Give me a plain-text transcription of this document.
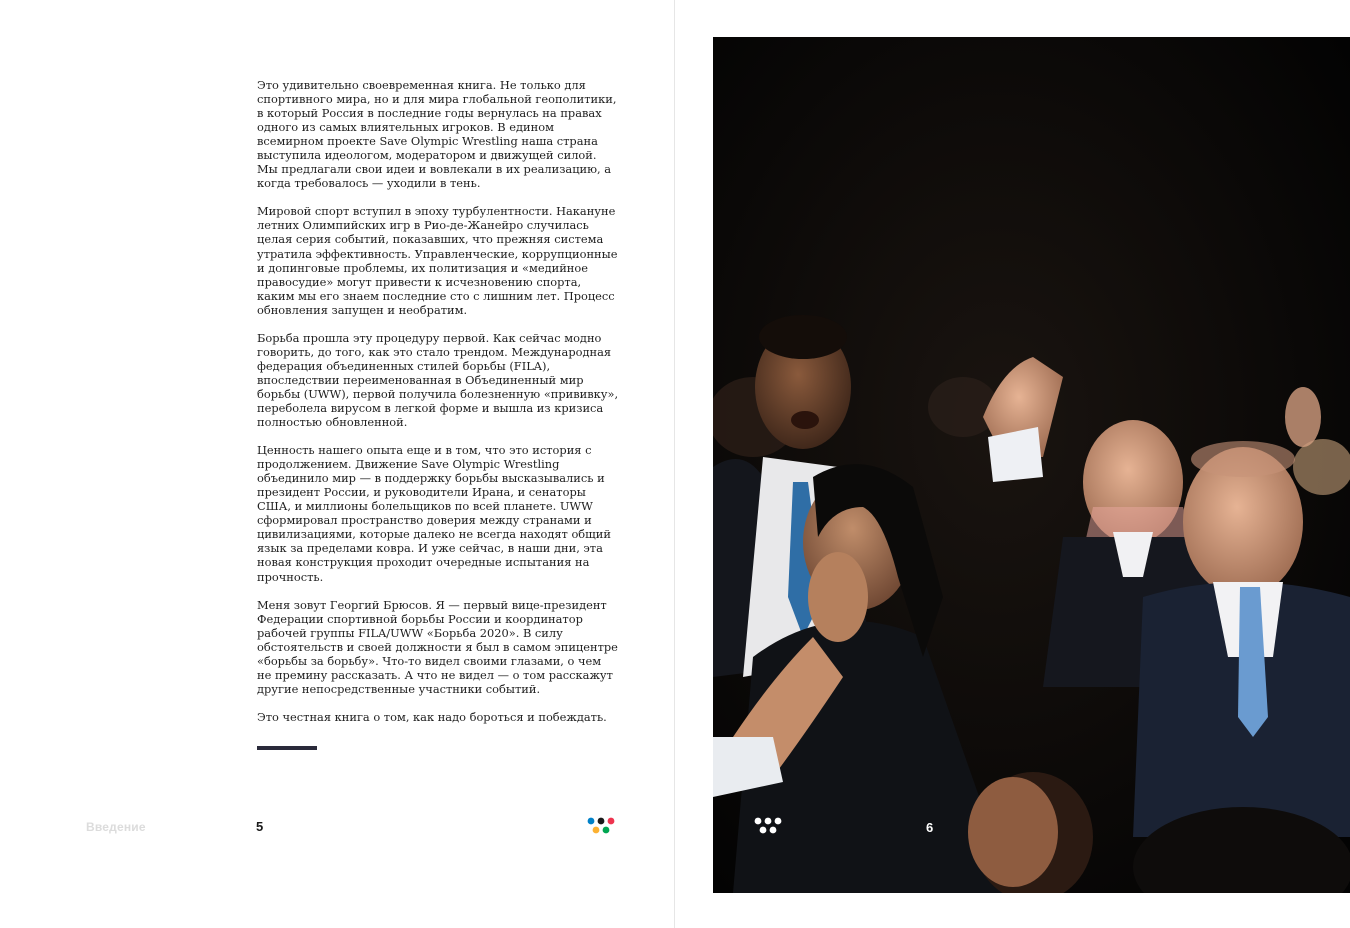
Это удивительно своевременная книга. Не только для спортивного мира, но и для мира глобальной геополитики, в который Россия в последние годы вернулась на правах одного из самых влиятельных игроков. В едином всемирном проекте Save Olympic Wrestling наша страна выступила идеологом, модератором и движущей силой. Мы предлагали свои идеи и вовлекали в их реализацию, а когда требовалось — уходили в тень.

Мировой спорт вступил в эпоху турбулентности. Накануне летних Олимпийских игр в Рио-де-Жанейро случилась целая серия событий, показавших, что прежняя система утратила эффективность. Управленческие, коррупционные и допинговые проблемы, их политизация и «медийное правосудие» могут привести к исчезновению спорта, каким мы его знаем последние сто с лишним лет. Процесс обновления запущен и необратим.

Борьба прошла эту процедуру первой. Как сейчас модно говорить, до того, как это стало трендом. Международная федерация объединенных стилей борьбы (FILA), впоследствии переименованная в Объединенный мир борьбы (UWW), первой получила болезненную «прививку», переболела вирусом в легкой форме и вышла из кризиса полностью обновленной.

Ценность нашего опыта еще и в том, что это история с продолжением. Движение Save Olympic Wrestling объединило мир — в поддержку борьбы высказывались и президент России, и руководители Ирана, и сенаторы США, и миллионы болельщиков по всей планете. UWW сформировал пространство доверия между странами и цивилизациями, которые далеко не всегда находят общий язык за пределами ковра. И уже сейчас, в наши дни, эта новая конструкция проходит очередные испытания на прочность.

Меня зовут Георгий Брюсов. Я — первый вице-президент Федерации спортивной борьбы России и координатор рабочей группы FILA/UWW «Борьба 2020». В силу обстоятельств и своей должности я был в самом эпицентре «борьбы за борьбу». Что-то видел своими глазами, о чем не премину рассказать. А что не видел — о том расскажут другие непосредственные участники событий.

Это честная книга о том, как надо бороться и побеждать.

Введение	5	6
